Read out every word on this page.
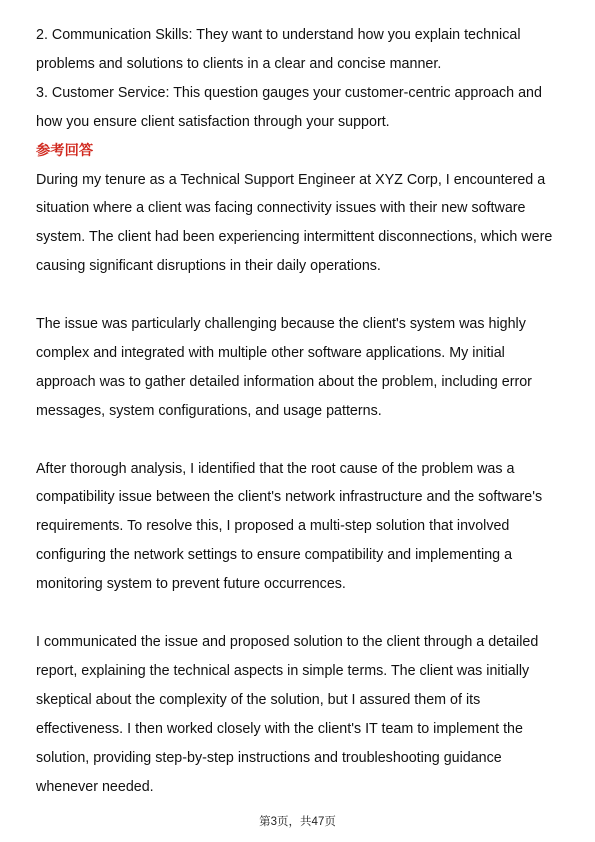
2. Communication Skills: They want to understand how you explain technical
problems and solutions to clients in a clear and concise manner.
3. Customer Service: This question gauges your customer-centric approach and
how you ensure client satisfaction through your support.
参考回答
During my tenure as a Technical Support Engineer at XYZ Corp, I encountered a
situation where a client was facing connectivity issues with their new software
system. The client had been experiencing intermittent disconnections, which were
causing significant disruptions in their daily operations.
The issue was particularly challenging because the client's system was highly
complex and integrated with multiple other software applications. My initial
approach was to gather detailed information about the problem, including error
messages, system configurations, and usage patterns.
After thorough analysis, I identified that the root cause of the problem was a
compatibility issue between the client's network infrastructure and the software's
requirements. To resolve this, I proposed a multi-step solution that involved
configuring the network settings to ensure compatibility and implementing a
monitoring system to prevent future occurrences.
I communicated the issue and proposed solution to the client through a detailed
report, explaining the technical aspects in simple terms. The client was initially
skeptical about the complexity of the solution, but I assured them of its
effectiveness. I then worked closely with the client's IT team to implement the
solution, providing step-by-step instructions and troubleshooting guidance
whenever needed.
第3页，共47页
